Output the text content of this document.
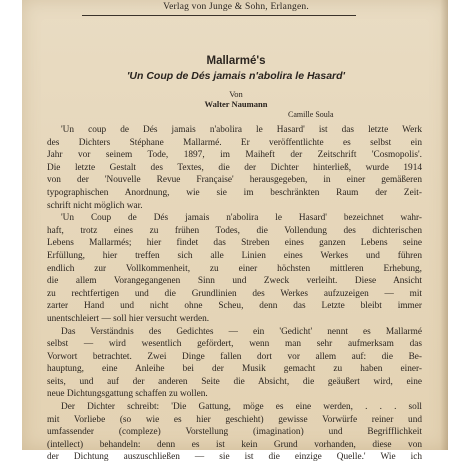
Verlag von Junge & Sohn, Erlangen.
Mallarmé's
'Un Coup de Dés jamais n'abolira le Hasard'
Von
Walter Naumann
Camille Soula
'Un coup de Dés jamais n'abolira le Hasard' ist das letzte Werk
des Dichters Stéphane Mallarmé. Er veröffentlichte es selbst ein
Jahr vor seinem Tode, 1897, im Maiheft der Zeitschrift 'Cosmopolis'.
Die letzte Gestalt des Textes, die der Dichter hinterließ, wurde 1914
von der 'Nouvelle Revue Française' herausgegeben, in einer gemäßeren
typographischen Anordnung, wie sie im beschränkten Raum der Zeit-
schrift nicht möglich war.
'Un Coup de Dés jamais n'abolira le Hasard' bezeichnet wahr-
haft, trotz eines zu frühen Todes, die Vollendung des dichterischen
Lebens Mallarmés; hier findet das Streben eines ganzen Lebens seine
Erfüllung, hier treffen sich alle Linien eines Werkes und führen
endlich zur Vollkommenheit, zu einer höchsten mittleren Erhebung,
die allem Vorangegangenen Sinn und Zweck verleiht. Diese Ansicht
zu rechtfertigen und die Grundlinien des Werkes aufzuzeigen — mit
zarter Hand und nicht ohne Scheu, denn das Letzte bleibt immer
unentschleiert — soll hier versucht werden.
Das Verständnis des Gedichtes — ein 'Gedicht' nennt es Mallarmé
selbst — wird wesentlich gefördert, wenn man sehr aufmerksam das
Vorwort betrachtet. Zwei Dinge fallen dort vor allem auf: die Be-
hauptung, eine Anleihe bei der Musik gemacht zu haben einer-
seits, und auf der anderen Seite die Absicht, die geäußert wird, eine
neue Dichtungsgattung schaffen zu wollen.
Der Dichter schreibt: 'Die Gattung, möge es eine werden, . . . soll
mit Vorliebe (so wie es hier geschieht) gewisse Vorwürfe reiner und
umfassender (compleze) Vorstellung (imagination) und Begrifflichkeit
(intellect) behandeln: denn es ist kein Grund vorhanden, diese von
der Dichtung auszuschließen — sie ist die einzige Quelle.' Wie ich
